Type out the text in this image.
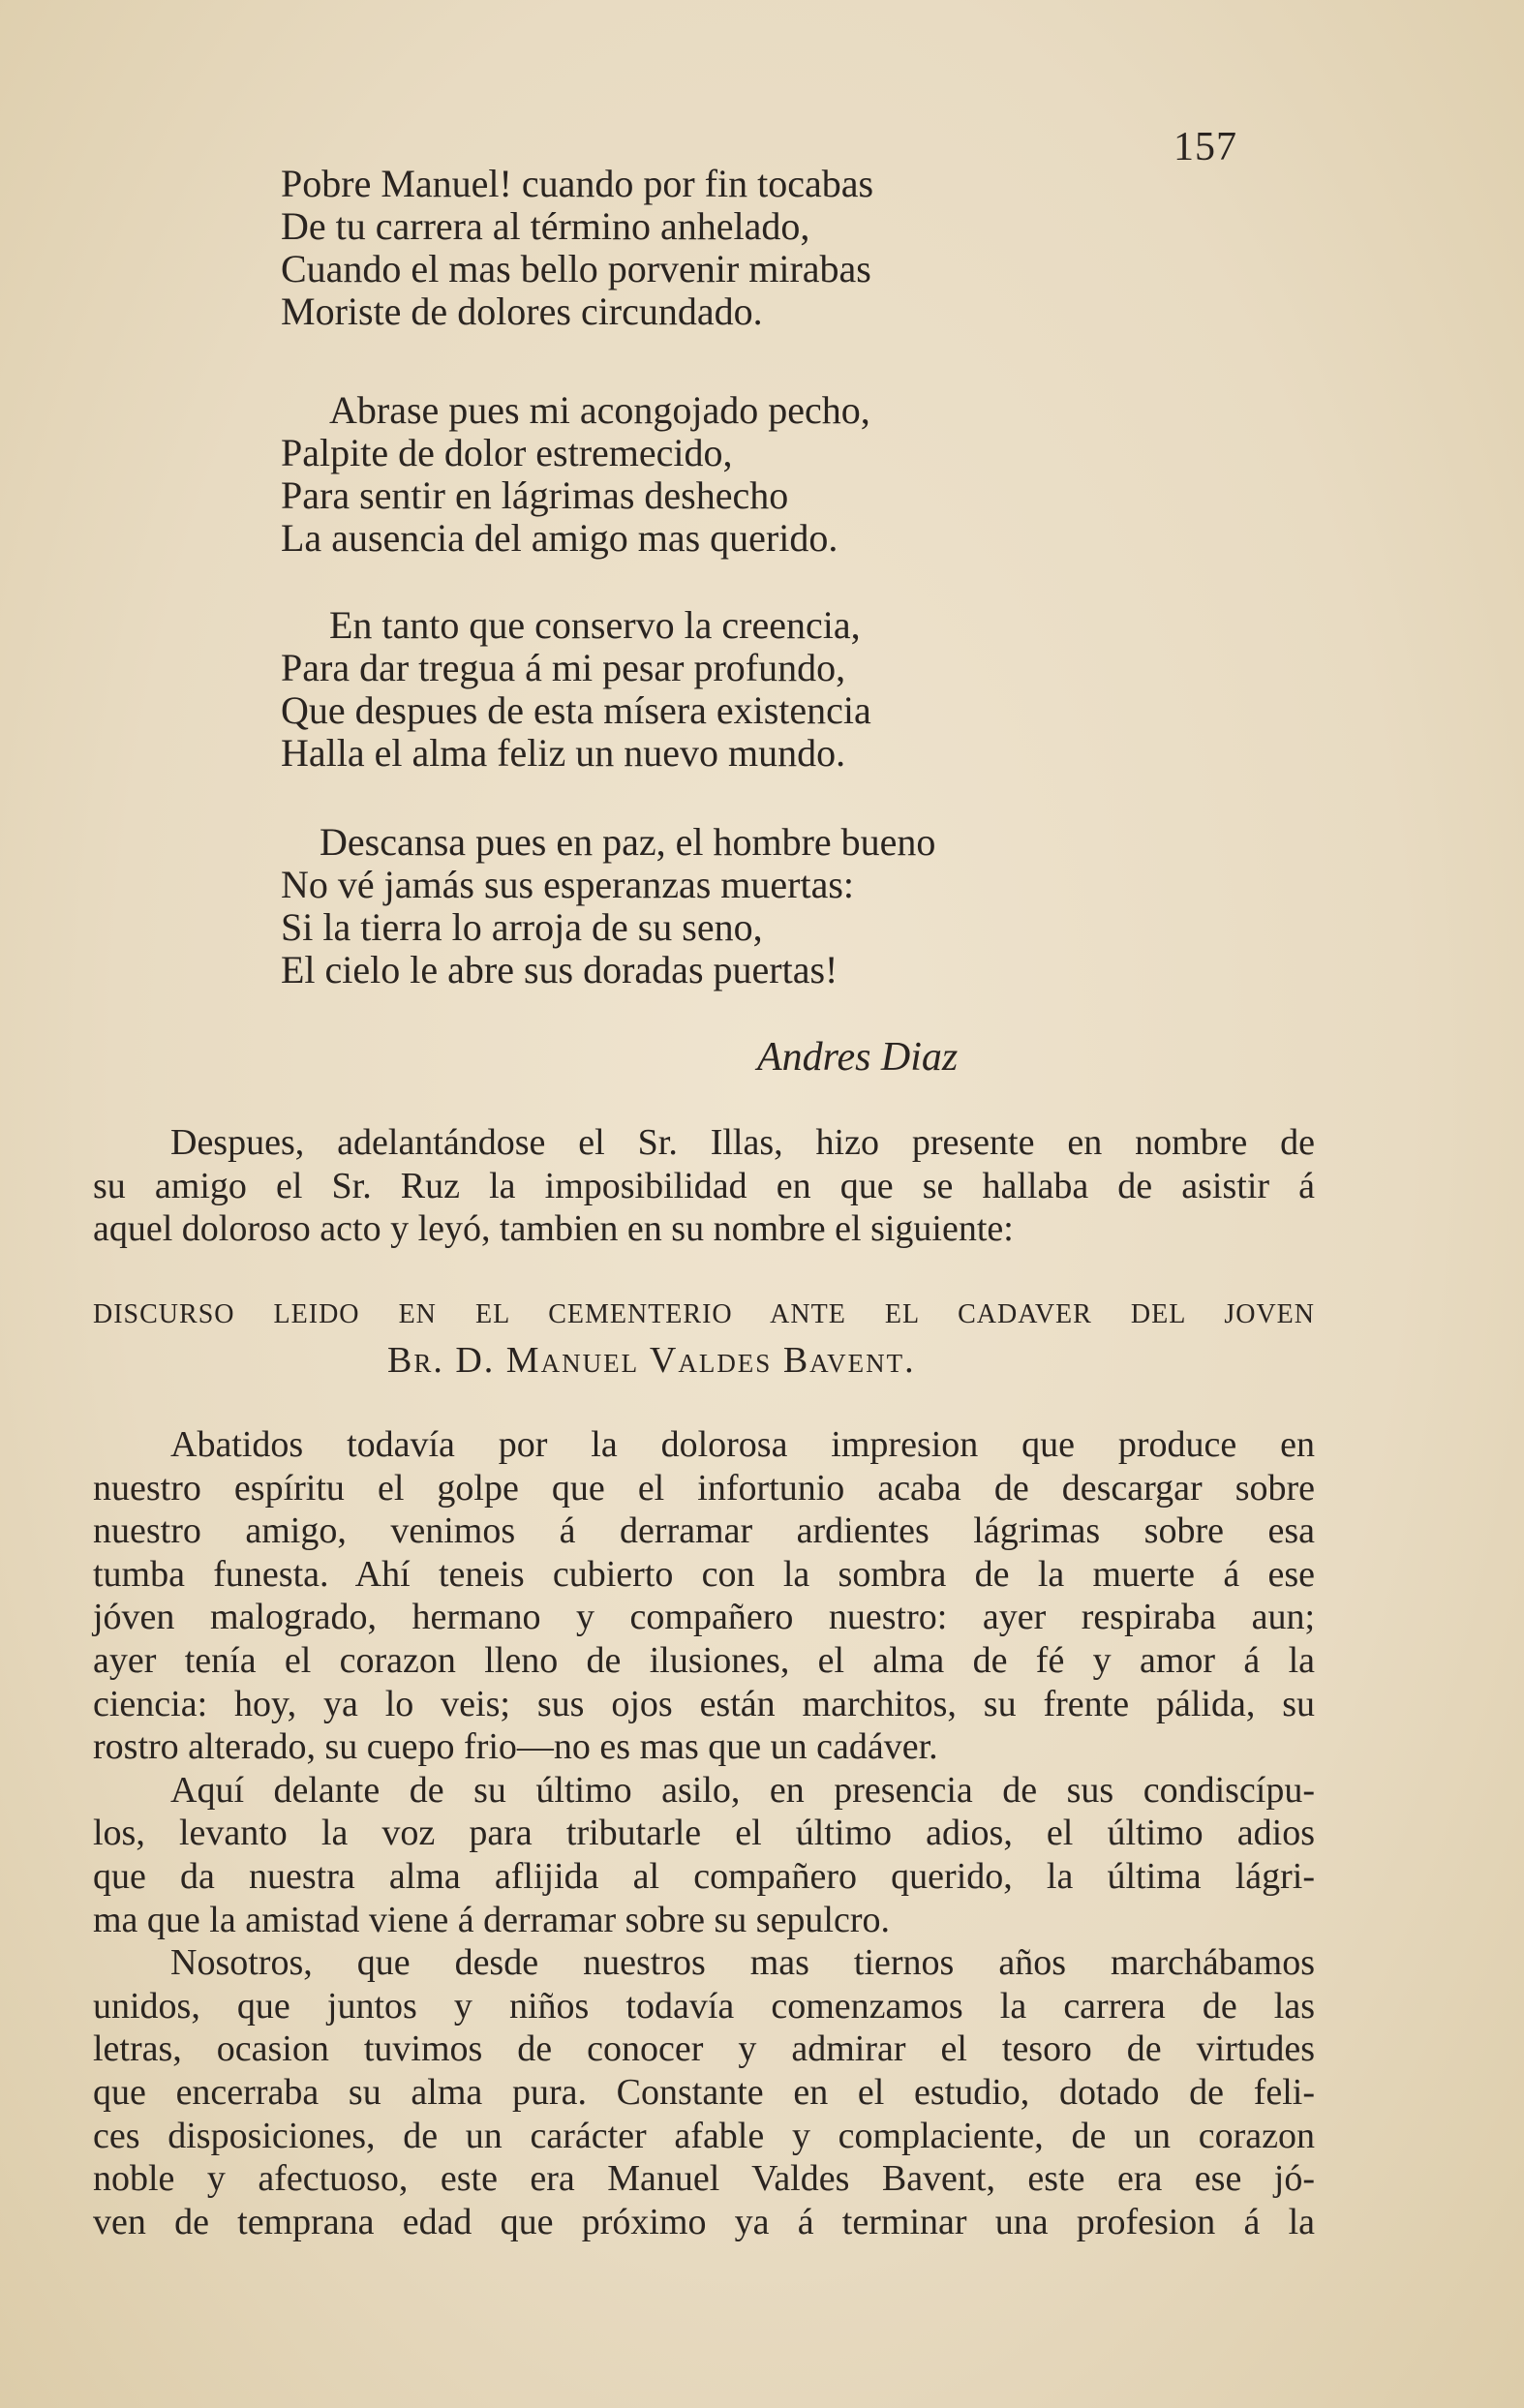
157
Pobre Manuel! cuando por fin tocabas
De tu carrera al término anhelado,
Cuando el mas bello porvenir mirabas
Moriste de dolores circundado.
Abrase pues mi acongojado pecho,
Palpite de dolor estremecido,
Para sentir en lágrimas deshecho
La ausencia del amigo mas querido.
En tanto que conservo la creencia,
Para dar tregua á mi pesar profundo,
Que despues de esta mísera existencia
Halla el alma feliz un nuevo mundo.
Descansa pues en paz, el hombre bueno
No vé jamás sus esperanzas muertas:
Si la tierra lo arroja de su seno,
El cielo le abre sus doradas puertas!
Andres Diaz
Despues, adelantándose el Sr. Illas, hizo presente en nombre de
su amigo el Sr. Ruz la imposibilidad en que se hallaba de asistir á
aquel doloroso acto y leyó, tambien en su nombre el siguiente:
DISCURSO LEIDO EN EL CEMENTERIO ANTE EL CADAVER DEL JOVEN
Br. D. Manuel Valdes Bavent.
Abatidos todavía por la dolorosa impresion que produce en
nuestro espíritu el golpe que el infortunio acaba de descargar sobre
nuestro amigo, venimos á derramar ardientes lágrimas sobre esa
tumba funesta. Ahí teneis cubierto con la sombra de la muerte á ese
jóven malogrado, hermano y compañero nuestro: ayer respiraba aun;
ayer tenía el corazon lleno de ilusiones, el alma de fé y amor á la
ciencia: hoy, ya lo veis; sus ojos están marchitos, su frente pálida, su
rostro alterado, su cuepo frio—no es mas que un cadáver.
Aquí delante de su último asilo, en presencia de sus condiscípu-
los, levanto la voz para tributarle el último adios, el último adios
que da nuestra alma aflijida al compañero querido, la última lágri-
ma que la amistad viene á derramar sobre su sepulcro.
Nosotros, que desde nuestros mas tiernos años marchábamos
unidos, que juntos y niños todavía comenzamos la carrera de las
letras, ocasion tuvimos de conocer y admirar el tesoro de virtudes
que encerraba su alma pura. Constante en el estudio, dotado de feli-
ces disposiciones, de un carácter afable y complaciente, de un corazon
noble y afectuoso, este era Manuel Valdes Bavent, este era ese jó-
ven de temprana edad que próximo ya á terminar una profesion á la
